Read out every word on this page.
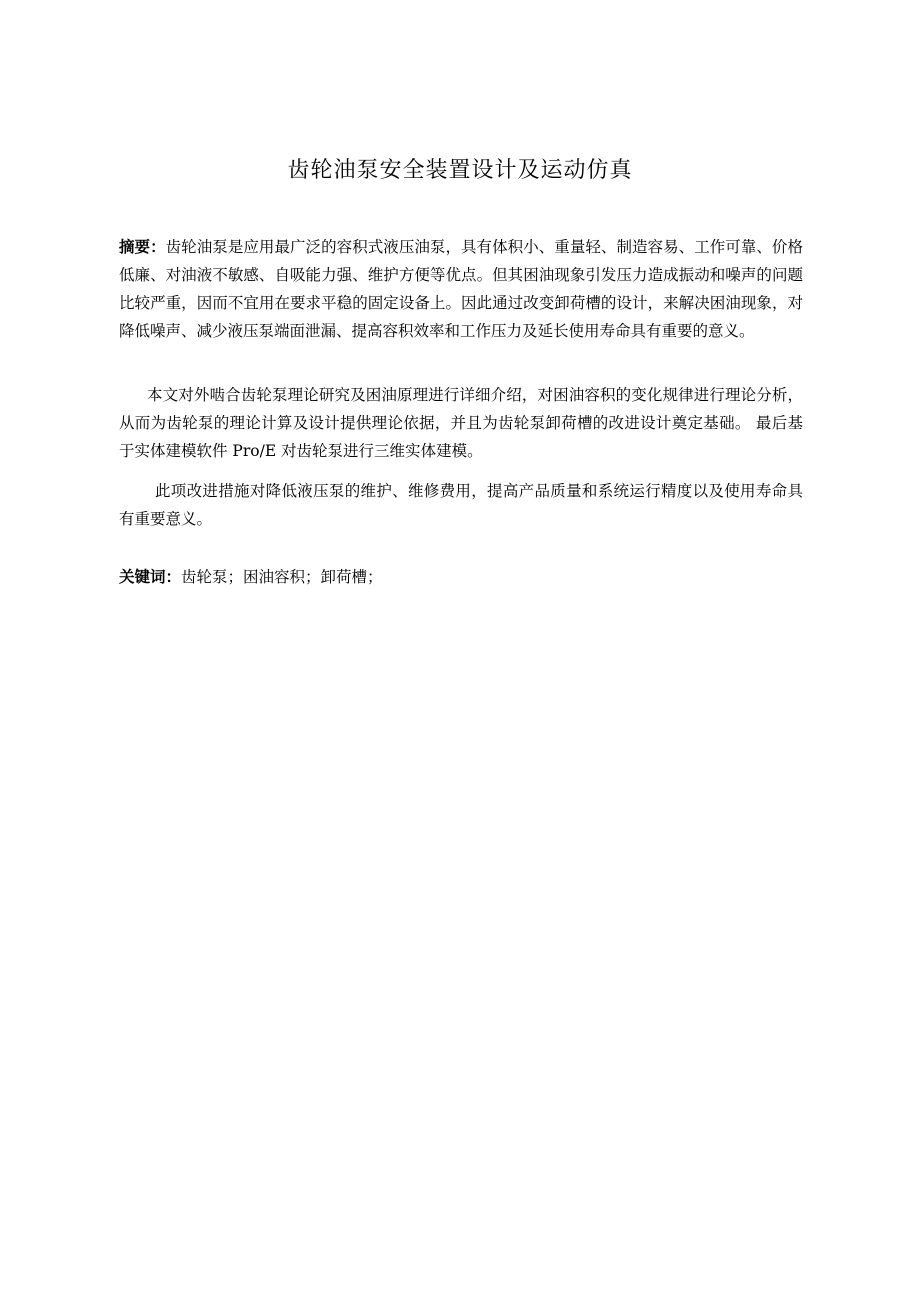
齿轮油泵安全装置设计及运动仿真

摘要：齿轮油泵是应用最广泛的容积式液压油泵，具有体积小、重量轻、制造容易、工作可靠、价格低廉、对油液不敏感、自吸能力强、维护方便等优点。但其困油现象引发压力造成振动和噪声的问题比较严重，因而不宜用在要求平稳的固定设备上。因此通过改变卸荷槽的设计，来解决困油现象，对降低噪声、减少液压泵端面泄漏、提高容积效率和工作压力及延长使用寿命具有重要的意义。

本文对外啮合齿轮泵理论研究及困油原理进行详细介绍，对困油容积的变化规律进行理论分析，从而为齿轮泵的理论计算及设计提供理论依据，并且为齿轮泵卸荷槽的改进设计奠定基础。 最后基于实体建模软件 Pro/E 对齿轮泵进行三维实体建模。

此项改进措施对降低液压泵的维护、维修费用，提高产品质量和系统运行精度以及使用寿命具有重要意义。

关键词：齿轮泵；困油容积；卸荷槽；
